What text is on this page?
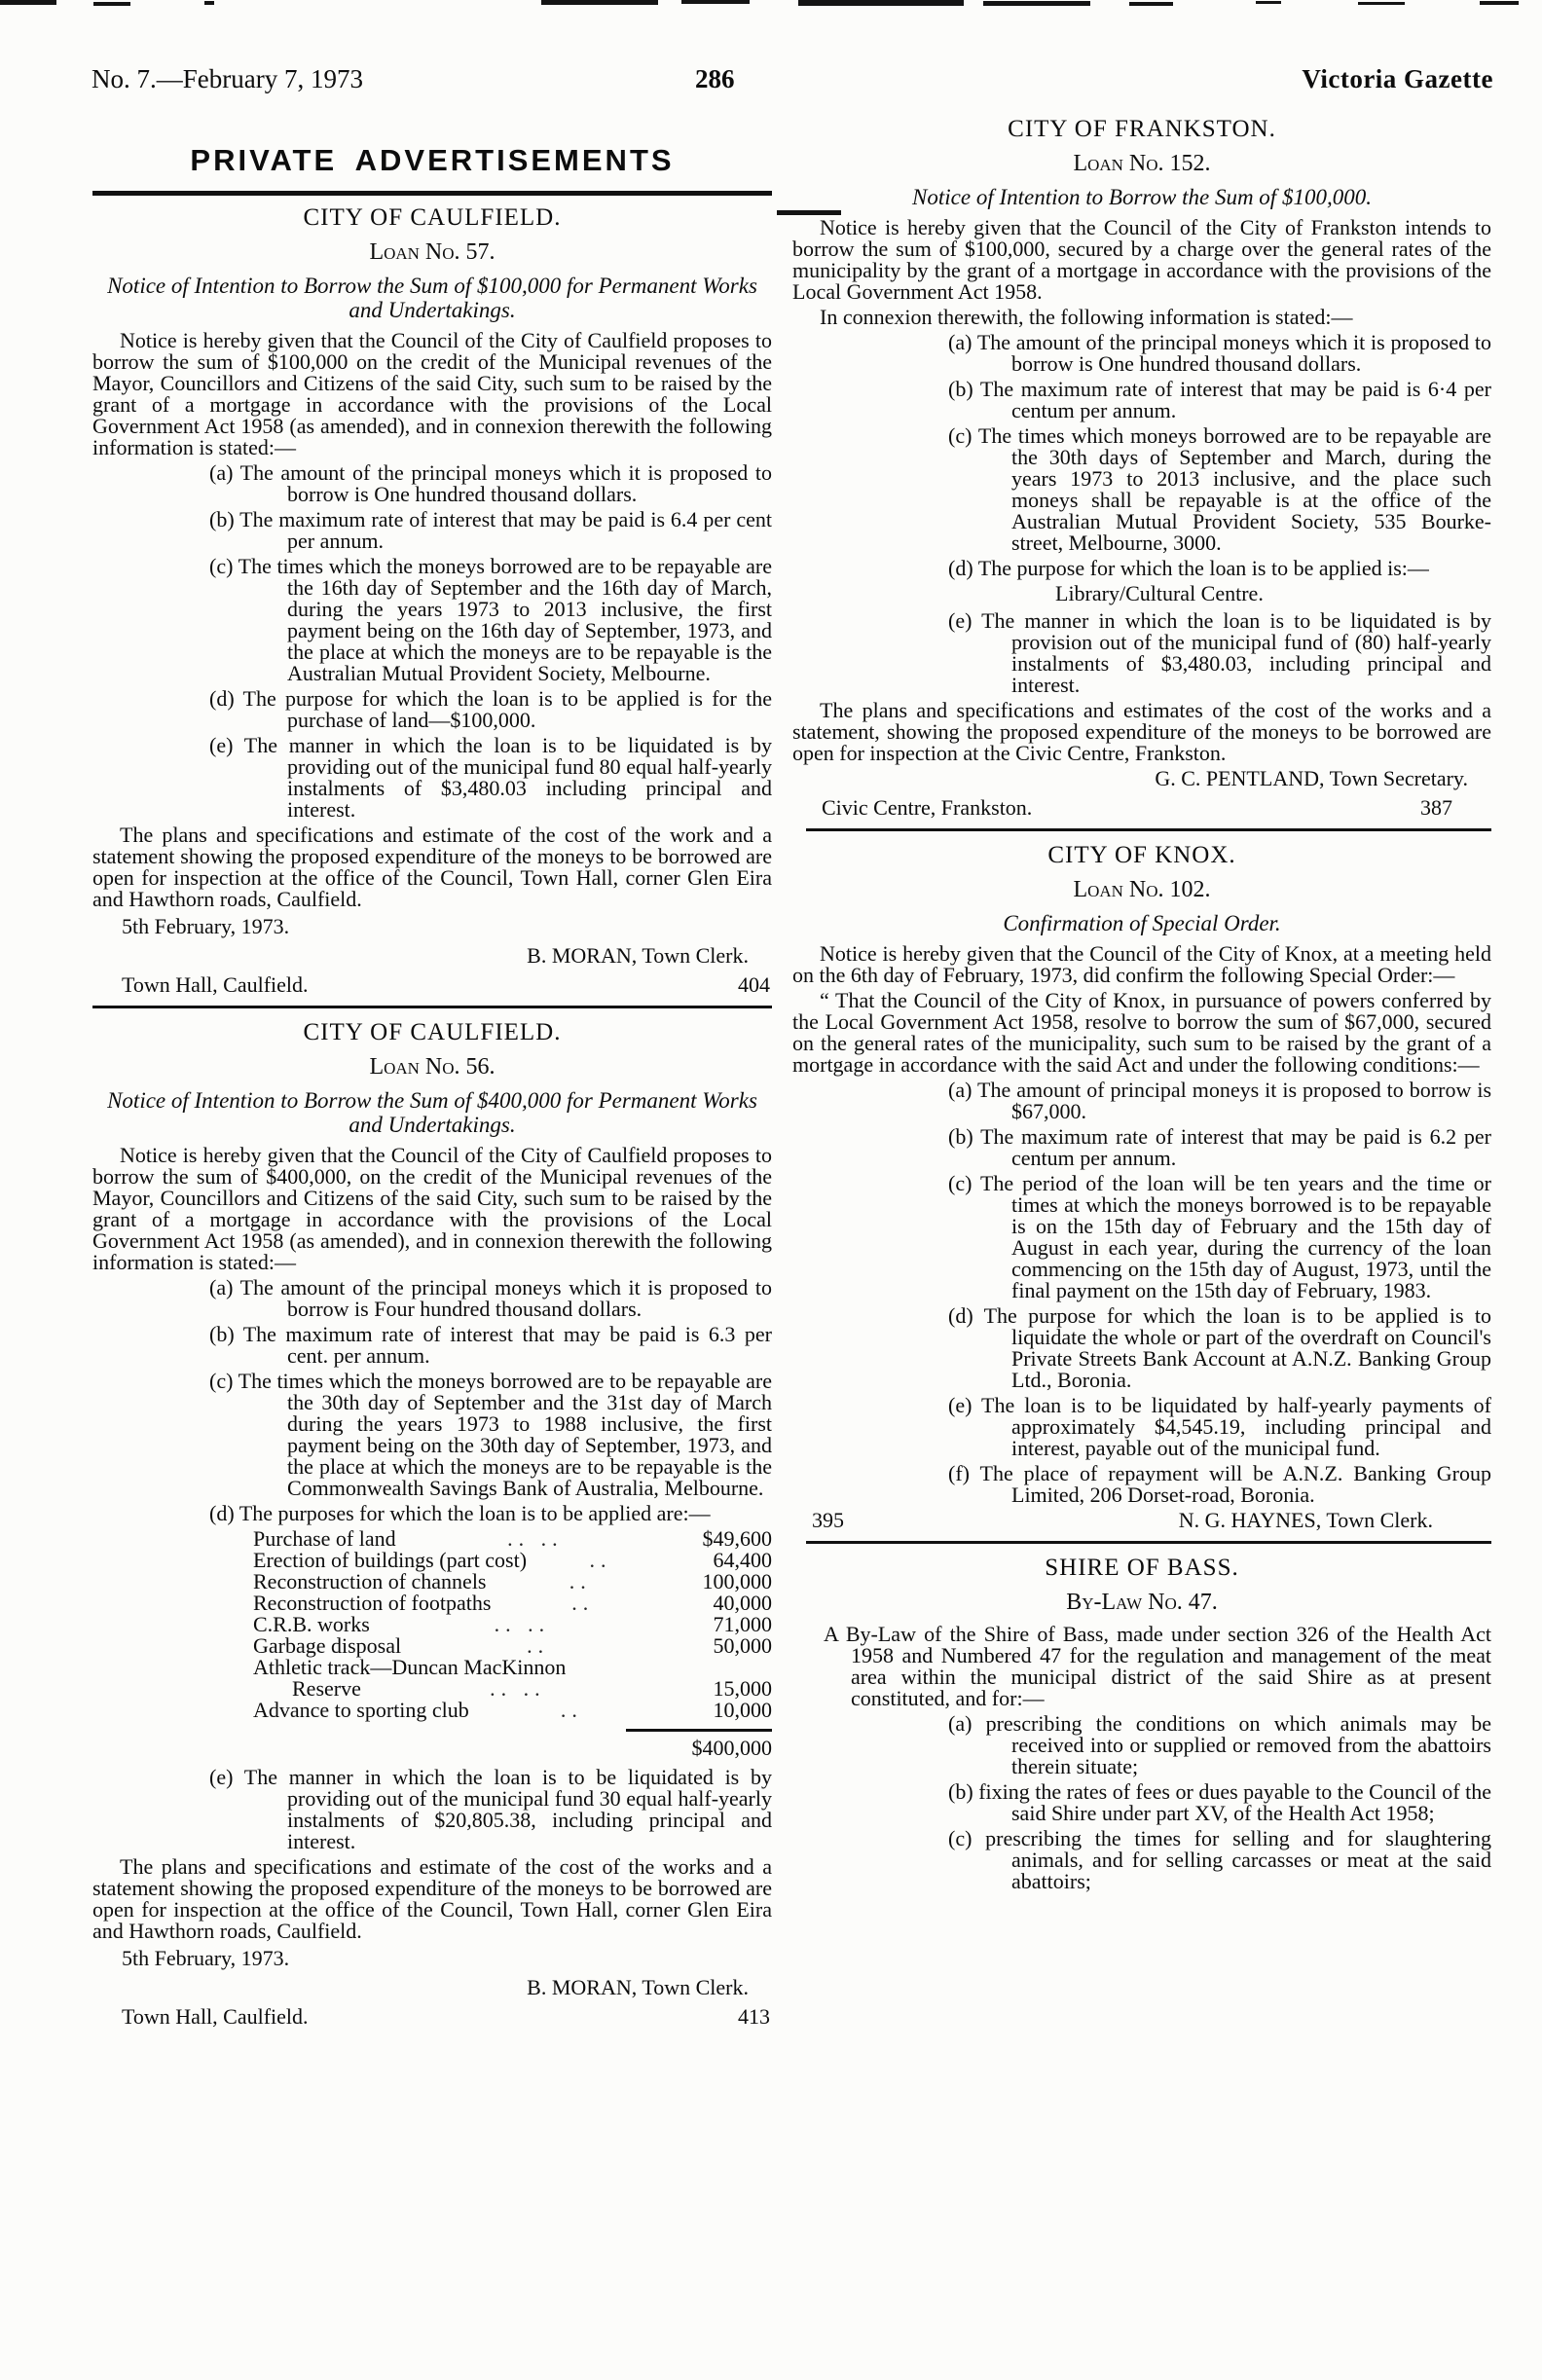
No. 7.—February 7, 1973	286	Victoria Gazette
PRIVATE ADVERTISEMENTS
CITY OF CAULFIELD.
Loan No. 57.
Notice of Intention to Borrow the Sum of $100,000 for Permanent Works and Undertakings.

Notice is hereby given that the Council of the City of Caulfield proposes to borrow the sum of $100,000 on the credit of the Municipal revenues of the Mayor, Councillors and Citizens of the said City, such sum to be raised by the grant of a mortgage in accordance with the provisions of the Local Government Act 1958 (as amended), and in connexion therewith the following information is stated:—

(a) The amount of the principal moneys which it is proposed to borrow is One hundred thousand dollars.

(b) The maximum rate of interest that may be paid is 6.4 per cent per annum.

(c) The times which the moneys borrowed are to be repayable are the 16th day of September and the 16th day of March, during the years 1973 to 2013 inclusive, the first payment being on the 16th day of September, 1973, and the place at which the moneys are to be repayable is the Australian Mutual Provident Society, Melbourne.

(d) The purpose for which the loan is to be applied is for the purchase of land—$100,000.

(e) The manner in which the loan is to be liquidated is by providing out of the municipal fund 80 equal half-yearly instalments of $3,480.03 including principal and interest.

The plans and specifications and estimate of the cost of the work and a statement showing the proposed expenditure of the moneys to be borrowed are open for inspection at the office of the Council, Town Hall, corner Glen Eira and Hawthorn roads, Caulfield.

5th February, 1973.
B. MORAN, Town Clerk.
Town Hall, Caulfield.	404
CITY OF CAULFIELD.
Loan No. 56.
Notice of Intention to Borrow the Sum of $400,000 for Permanent Works and Undertakings.

Notice is hereby given that the Council of the City of Caulfield proposes to borrow the sum of $400,000, on the credit of the Municipal revenues of the Mayor, Councillors and Citizens of the said City, such sum to be raised by the grant of a mortgage in accordance with the provisions of the Local Government Act 1958 (as amended), and in connexion therewith the following information is stated:—

(a) The amount of the principal moneys which it is proposed to borrow is Four hundred thousand dollars.

(b) The maximum rate of interest that may be paid is 6.3 per cent. per annum.

(c) The times which the moneys borrowed are to be repayable are the 30th day of September and the 31st day of March during the years 1973 to 1988 inclusive, the first payment being on the 30th day of September, 1973, and the place at which the moneys are to be repayable is the Commonwealth Savings Bank of Australia, Melbourne.

(d) The purposes for which the loan is to be applied are:—

Purchase of land	.. ..	$49,600
Erection of buildings (part cost)	..	64,400
Reconstruction of channels	..	100,000
Reconstruction of footpaths	..	40,000
C.R.B. works	.. ..	71,000
Garbage disposal	..	50,000
Athletic track—Duncan MacKinnon
Reserve	.. ..	15,000
Advance to sporting club	..	10,000
$400,000

(e) The manner in which the loan is to be liquidated is by providing out of the municipal fund 30 equal half-yearly instalments of $20,805.38, including principal and interest.

The plans and specifications and estimate of the cost of the works and a statement showing the proposed expenditure of the moneys to be borrowed are open for inspection at the office of the Council, Town Hall, corner Glen Eira and Hawthorn roads, Caulfield.

5th February, 1973.
B. MORAN, Town Clerk.
Town Hall, Caulfield.	413
CITY OF FRANKSTON.
Loan No. 152.
Notice of Intention to Borrow the Sum of $100,000.

Notice is hereby given that the Council of the City of Frankston intends to borrow the sum of $100,000, secured by a charge over the general rates of the municipality by the grant of a mortgage in accordance with the provisions of the Local Government Act 1958.

In connexion therewith, the following information is stated:—

(a) The amount of the principal moneys which it is proposed to borrow is One hundred thousand dollars.

(b) The maximum rate of interest that may be paid is 6·4 per centum per annum.

(c) The times which moneys borrowed are to be repayable are the 30th days of September and March, during the years 1973 to 2013 inclusive, and the place such moneys shall be repayable is at the office of the Australian Mutual Provident Society, 535 Bourke-street, Melbourne, 3000.

(d) The purpose for which the loan is to be applied is:—

Library/Cultural Centre.

(e) The manner in which the loan is to be liquidated is by provision out of the municipal fund of (80) half-yearly instalments of $3,480.03, including principal and interest.

The plans and specifications and estimates of the cost of the works and a statement, showing the proposed expenditure of the moneys to be borrowed are open for inspection at the Civic Centre, Frankston.

G. C. PENTLAND, Town Secretary.
Civic Centre, Frankston.	387
CITY OF KNOX.
Loan No. 102.
Confirmation of Special Order.

Notice is hereby given that the Council of the City of Knox, at a meeting held on the 6th day of February, 1973, did confirm the following Special Order:—

“ That the Council of the City of Knox, in pursuance of powers conferred by the Local Government Act 1958, resolve to borrow the sum of $67,000, secured on the general rates of the municipality, such sum to be raised by the grant of a mortgage in accordance with the said Act and under the following conditions:—

(a) The amount of principal moneys it is proposed to borrow is $67,000.

(b) The maximum rate of interest that may be paid is 6.2 per centum per annum.

(c) The period of the loan will be ten years and the time or times at which the moneys borrowed is to be repayable is on the 15th day of February and the 15th day of August in each year, during the currency of the loan commencing on the 15th day of August, 1973, until the final payment on the 15th day of February, 1983.

(d) The purpose for which the loan is to be applied is to liquidate the whole or part of the overdraft on Council's Private Streets Bank Account at A.N.Z. Banking Group Ltd., Boronia.

(e) The loan is to be liquidated by half-yearly payments of approximately $4,545.19, including principal and interest, payable out of the municipal fund.

(f) The place of repayment will be A.N.Z. Banking Group Limited, 206 Dorset-road, Boronia.

395	N. G. HAYNES, Town Clerk.
SHIRE OF BASS.
By-Law No. 47.

A By-Law of the Shire of Bass, made under section 326 of the Health Act 1958 and Numbered 47 for the regulation and management of the meat area within the municipal district of the said Shire as at present constituted, and for:—

(a) prescribing the conditions on which animals may be received into or supplied or removed from the abattoirs therein situate;

(b) fixing the rates of fees or dues payable to the Council of the said Shire under part XV, of the Health Act 1958;

(c) prescribing the times for selling and for slaughtering animals, and for selling carcasses or meat at the said abattoirs;
